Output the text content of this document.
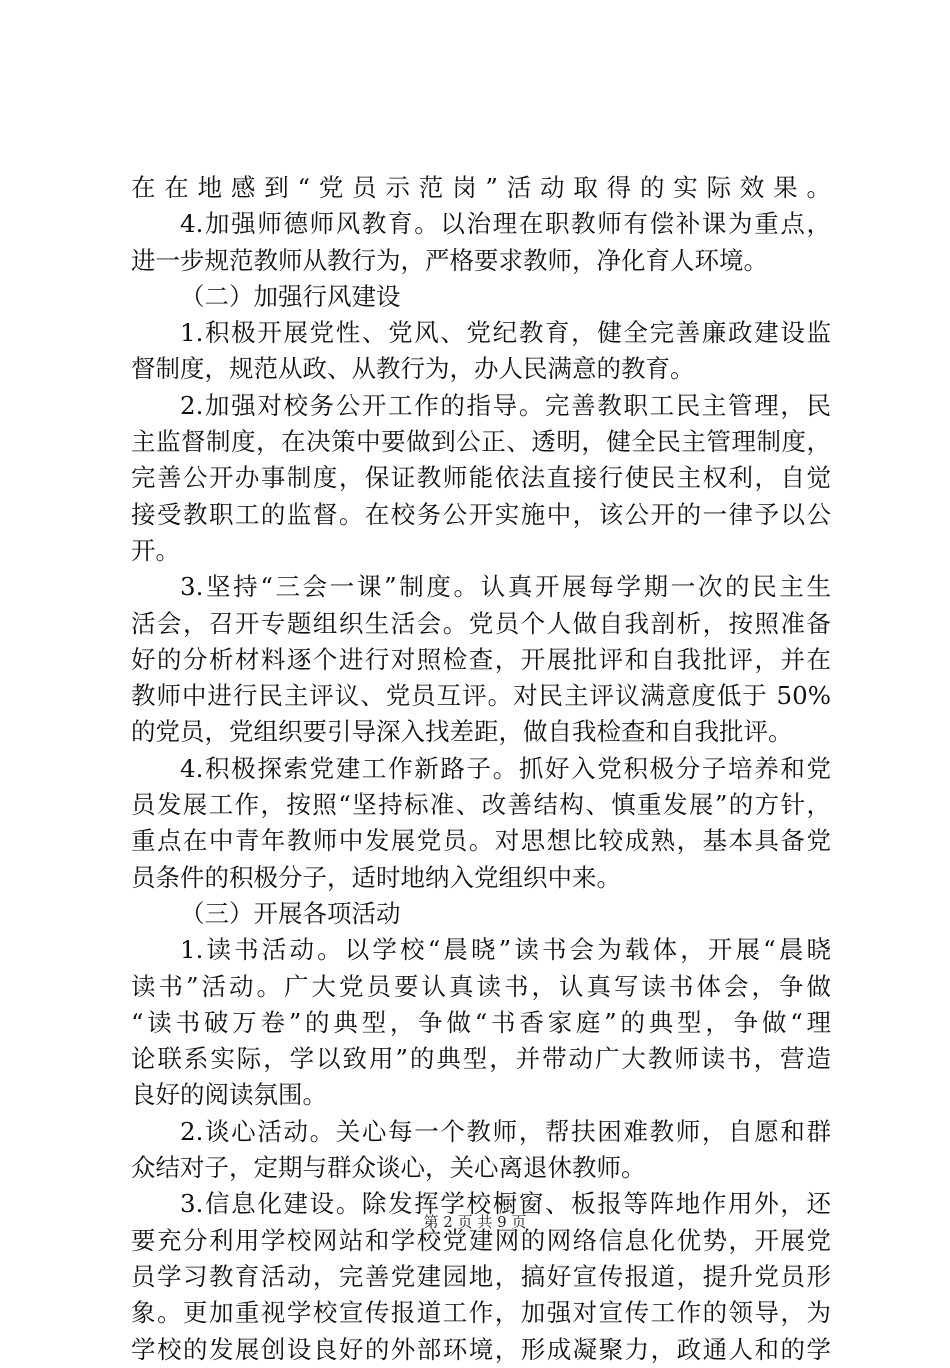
在在地感到“党员示范岗”活动取得的实际效果。
4.加强师德师风教育。以治理在职教师有偿补课为重点，
进一步规范教师从教行为，严格要求教师，净化育人环境。
（二）加强行风建设
1.积极开展党性、党风、党纪教育，健全完善廉政建设监
督制度，规范从政、从教行为，办人民满意的教育。
2.加强对校务公开工作的指导。完善教职工民主管理，民
主监督制度，在决策中要做到公正、透明，健全民主管理制度，
完善公开办事制度，保证教师能依法直接行使民主权利，自觉
接受教职工的监督。在校务公开实施中，该公开的一律予以公
开。
3.坚持“三会一课”制度。认真开展每学期一次的民主生
活会，召开专题组织生活会。党员个人做自我剖析，按照准备
好的分析材料逐个进行对照检查，开展批评和自我批评，并在
教师中进行民主评议、党员互评。对民主评议满意度低于 50%
的党员，党组织要引导深入找差距，做自我检查和自我批评。
4.积极探索党建工作新路子。抓好入党积极分子培养和党
员发展工作，按照“坚持标准、改善结构、慎重发展”的方针，
重点在中青年教师中发展党员。对思想比较成熟，基本具备党
员条件的积极分子，适时地纳入党组织中来。
（三）开展各项活动
1.读书活动。以学校“晨晓”读书会为载体，开展“晨晓
读书”活动。广大党员要认真读书，认真写读书体会，争做
“读书破万卷”的典型，争做“书香家庭”的典型，争做“理
论联系实际，学以致用”的典型，并带动广大教师读书，营造
良好的阅读氛围。
2.谈心活动。关心每一个教师，帮扶困难教师，自愿和群
众结对子，定期与群众谈心，关心离退休教师。
3.信息化建设。除发挥学校橱窗、板报等阵地作用外，还
要充分利用学校网站和学校党建网的网络信息化优势，开展党
员学习教育活动，完善党建园地，搞好宣传报道，提升党员形
象。更加重视学校宣传报道工作，加强对宣传工作的领导，为
学校的发展创设良好的外部环境，形成凝聚力，政通人和的学
第 2 页 共 9 页
